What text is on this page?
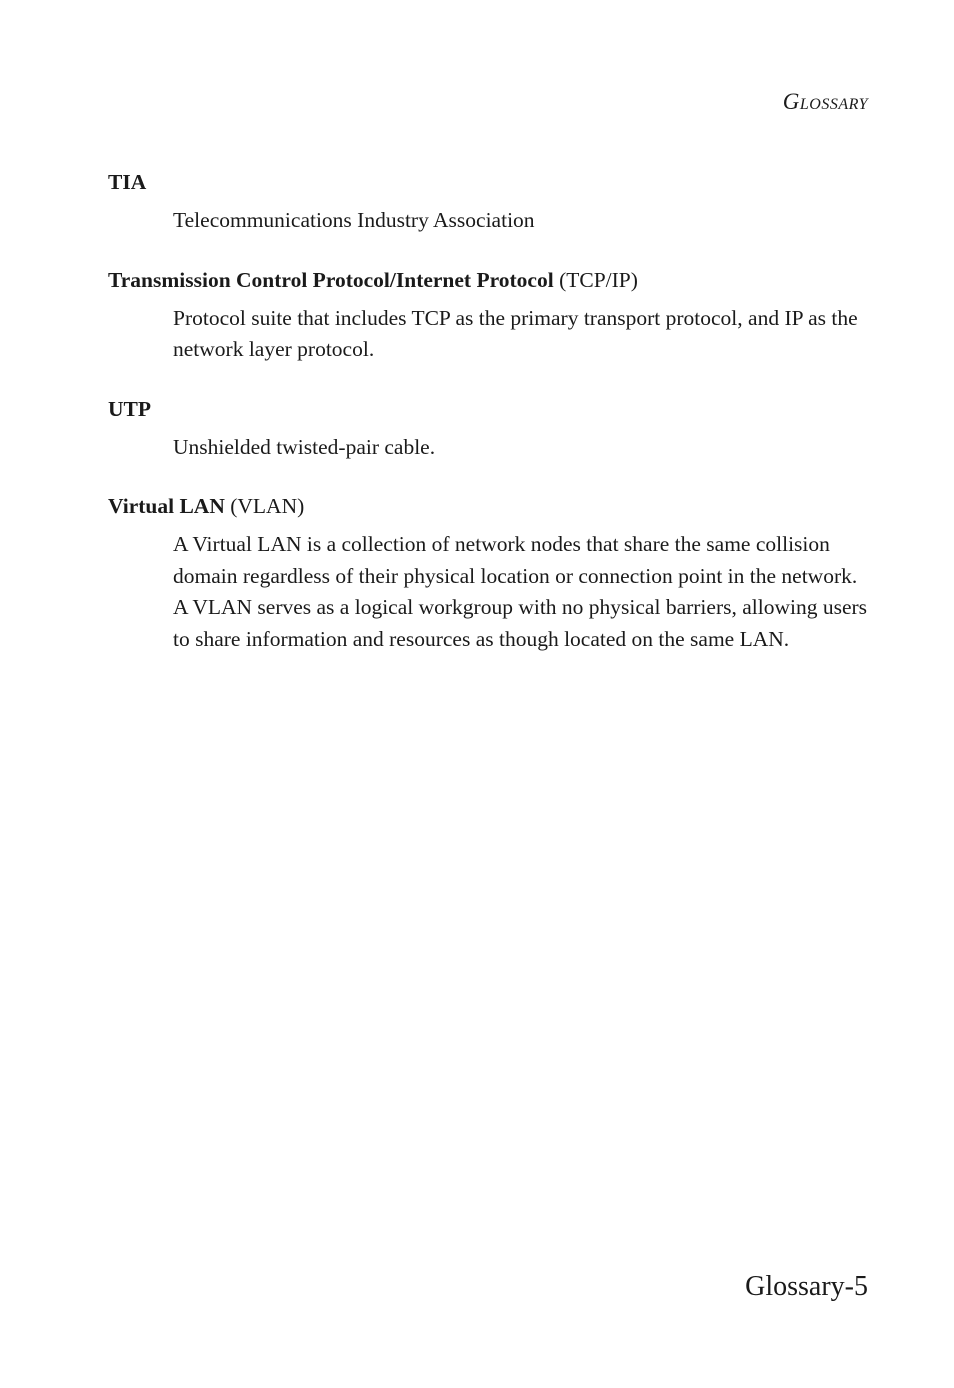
Glossary
TIA
Telecommunications Industry Association
Transmission Control Protocol/Internet Protocol (TCP/IP)
Protocol suite that includes TCP as the primary transport protocol, and IP as the network layer protocol.
UTP
Unshielded twisted-pair cable.
Virtual LAN (VLAN)
A Virtual LAN is a collection of network nodes that share the same collision domain regardless of their physical location or connection point in the network. A VLAN serves as a logical workgroup with no physical barriers, allowing users to share information and resources as though located on the same LAN.
Glossary-5
